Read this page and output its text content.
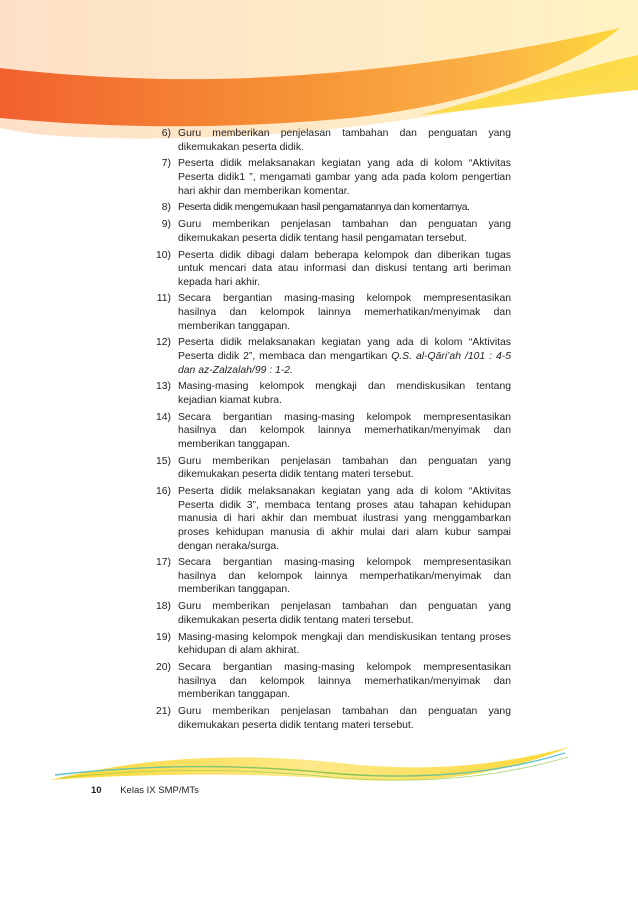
6) Guru memberikan penjelasan tambahan dan penguatan yang dikemukakan peserta didik.
7) Peserta didik melaksanakan kegiatan yang ada di kolom “Aktivitas Peserta didik1 ”, mengamati gambar yang ada pada kolom pengertian hari akhir dan memberikan komentar.
8) Peserta didik mengemukaan hasil pengamatannya dan komentarnya.
9) Guru memberikan penjelasan tambahan dan penguatan yang dikemukakan peserta didik tentang hasil pengamatan tersebut.
10) Peserta didik dibagi dalam beberapa kelompok dan diberikan tugas untuk mencari data atau informasi dan diskusi tentang arti beriman kepada hari akhir.
11) Secara bergantian masing-masing kelompok mempresentasikan hasilnya dan kelompok lainnya memerhatikan/menyimak dan memberikan tanggapan.
12) Peserta didik melaksanakan kegiatan yang ada di kolom “Aktivitas Peserta didik 2”, membaca dan mengartikan Q.S. al-Qāri’ah /101 : 4-5 dan az-Zalzalah/99 : 1-2.
13) Masing-masing kelompok mengkaji dan mendiskusikan tentang kejadian kiamat kubra.
14) Secara bergantian masing-masing kelompok mempresentasikan hasilnya dan kelompok lainnya memerhatikan/menyimak dan memberikan tanggapan.
15) Guru memberikan penjelasan tambahan dan penguatan yang dikemukakan peserta didik tentang materi tersebut.
16) Peserta didik melaksanakan kegiatan yang ada di kolom “Aktivitas Peserta didik 3”, membaca tentang proses atau tahapan kehidupan manusia di hari akhir dan membuat ilustrasi yang menggambarkan proses kehidupan manusia di akhir mulai dari alam kubur sampai dengan neraka/surga.
17) Secara bergantian masing-masing kelompok mempresentasikan hasilnya dan kelompok lainnya memperhatikan/menyimak dan memberikan tanggapan.
18) Guru memberikan penjelasan tambahan dan penguatan yang dikemukakan peserta didik tentang materi tersebut.
19) Masing-masing kelompok mengkaji dan mendiskusikan tentang proses kehidupan di alam akhirat.
20) Secara bergantian masing-masing kelompok mempresentasikan hasilnya dan kelompok lainnya memerhatikan/menyimak dan memberikan tanggapan.
21) Guru memberikan penjelasan tambahan dan penguatan yang dikemukakan peserta didik tentang materi tersebut.
10 Kelas IX SMP/MTs
